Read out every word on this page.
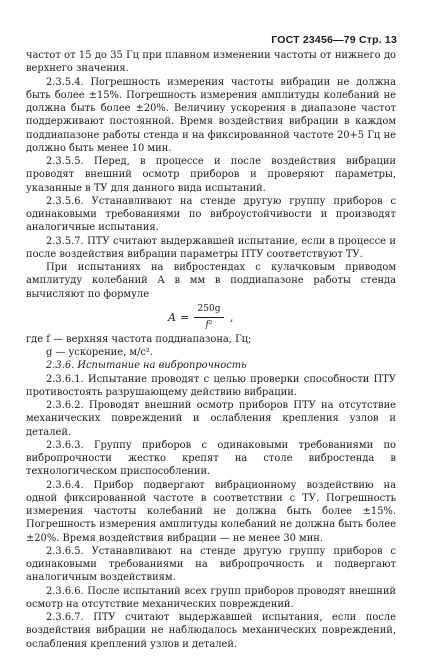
ГОСТ 23456—79 Стр. 13

частот от 15 до 35 Гц при плавном изменении частоты от нижнего до верхнего значения.

2.3.5.4. Погрешность измерения частоты вибрации не должна быть более ±15%. Погрешность измерения амплитуды колебаний не должна быть более ±20%. Величину ускорения в диапазоне частот поддерживают постоянной. Время воздействия вибрации в каждом поддиапазоне работы стенда и на фиксированной частоте 20+5 Гц не должно быть менее 10 мин.

2.3.5.5. Перед, в процессе и после воздействия вибрации проводят внешний осмотр приборов и проверяют параметры, указанные в ТУ для данного вида испытаний.

2.3.5.6. Устанавливают на стенде другую группу приборов с одинаковыми требованиями по виброустойчивости и производят аналогичные испытания.

2.3.5.7. ПТУ считают выдержавшей испытание, если в процессе и после воздействия вибрации параметры ПТУ соответствуют ТУ.

При испытаниях на вибростендах с кулачковым приводом амплитуду колебаний A в мм в поддиапазоне работы стенда вычисляют по формуле

$A = \frac{250g}{\text{f²}}$ ,

где f — верхняя частота поддиапазона, Гц;

g — ускорение, м/с².

2.3.6. Испытание на вибропрочность

2.3.6.1. Испытание проводят с целью проверки способности ПТУ противостоять разрушающему действию вибрации.

2.3.6.2. Проводят внешний осмотр приборов ПТУ на отсутствие механических повреждений и ослабления крепления узлов и деталей.

2.3.6.3. Группу приборов с одинаковыми требованиями по вибропрочности жестко крепят на столе вибростенда в технологическом приспособлении.

2.3.6.4. Прибор подвергают вибрационному воздействию на одной фиксированной частоте в соответствии с ТУ. Погрешность измерения частоты колебаний не должна быть более ±15%. Погрешность измерения амплитуды колебаний не должна быть более ±20%. Время воздействия вибрации — не менее 30 мин.

2.3.6.5. Устанавливают на стенде другую группу приборов с одинаковыми требованиями на вибропрочность и подвергают аналогичным воздействиям.

2.3.6.6. После испытаний всех групп приборов проводят внешний осмотр на отсутствие механических повреждений.

2.3.6.7. ПТУ считают выдержавшей испытания, если после воздействия вибрации не наблюдалось механических повреждений, ослабления креплений узлов и деталей.
